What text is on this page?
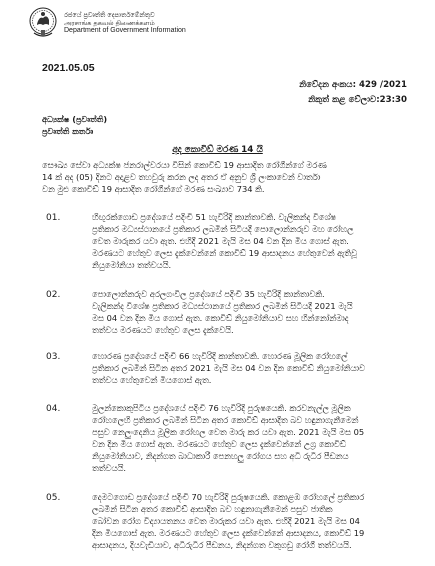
රජයේ ප්‍රවෘත්ති දෙපාර්තමේන්තුව
அரசாங்க தகவல் திணைக்களம்
Department of Government Information
2021.05.05
නිවේදන අංකය: 429 /2021
නිකුත් කළ වේලාව:23:30
අධ්‍යක්ෂ (ප්‍රවෘත්ති)
ප්‍රවෘත්ති කර්තෘ
අද කොවිඩ් මරණ 14 යි
සෞඛ්‍ය සේවා අධ්‍යක්ෂ ජනරාල්වරයා විසින් කොවිඩ් 19 ආසාදිත රෝගීන්ගේ මරණ
14 ක් අද (05) දිනට අදාළව තහවුරු කරන ලද අතර ඒ අනුව ශ්‍රී ලංකාවෙන් වාර්තා
වන මුළු කොවිඩ් 19 ආසාදිත රෝගීන්ගේ මරණ සංඛ්‍යාව 734 කි.
01.	හිඟුරක්ගොඩ ප්‍රදේශයේ පදිංචි 51 හැවිරිදි කාන්තාවකි. වැලිකන්ද විශේෂ
ප්‍රතිකාර මධ්‍යස්ථානයේ ප්‍රතිකාර ලබමින් සිටියදී පොලොන්නරුව මහ රෝහල
වෙත මාරුකර යවා ඇත. එහිදී 2021 මැයි මස 04 වන දින මිය ගොස් ඇත.
මරණයට හේතුව ලෙස දැක්වෙන්නේ කොවිඩ් 19 ආසාදනය හේතුවෙන් ඇතිවූ
නියුමෝනියා තත්වයයි.
02.	පොලොන්නරුව අරලගංවිල ප්‍රදේශයේ පදිංචි 35 හැවිරිදි කාන්තාවකි.
වැලිකන්ද විශේෂ ප්‍රතිකාර මධ්‍යස්ථානයේ ප්‍රතිකාර ලබමින් සිටියදී 2021 මැයි
මස 04 වන දින මිය ගොස් ඇත. කොවිඩ් නියුමෝනියාව සහ හින්නෝන්මාද
තත්වය මරණයට හේතුව ලෙස දැක්වෙයි.
03.	හොරණ ප්‍රදේශයේ පදිංචි 66 හැවිරිදි කාන්තාවකි. හොරණ මූලික රෝහලේ
ප්‍රතිකාර ලබමින් සිටින අතර 2021 මැයි මස 04 වන දින කොවිඩ් නියුමෝනියාව
තත්වය හේතුවෙන් මියගොස් ඇත.
04.	මුලන්කොකුපිටිය ප්‍රදේශයේ පදිංචි 76 හැවිරිදි පුරුෂයෙකි. කරවනැල්ල මූලික
රෝහලෙහි ප්‍රතිකාර ලබමින් සිටින අතර කොවිඩ් ආසාදිත බව හඳුනාගැනීමෙන්
පසුව නෙලුංදෙනිය මූලික රෝහල වෙත මාරු කර යවා ඇත. 2021 මැයි මස 05
වන දින මිය ගොස් ඇත. මරණයට හේතුව ලෙස දැක්වෙන්නේ උග්‍ර කොවිඩ්
නියුමෝනියාව, නිදන්ගත බාධාකාරී පෙනහලු රෝගය සහ අධි රුධිර පීඩනය
තත්වයයි.
05.	දෙමටගොඩ ප්‍රදේශයේ පදිංචි 70 හැවිරිදි පුරුෂයෙකි. කොළඹ රෝහලේ ප්‍රතිකාර
ලබමින් සිටින අතර කොවිඩ් ආසාදිත බව හඳුනාගැනීමෙන් පසුව ජාතික
බෝවන රෝග විද්‍යායතනය වෙත මාරුකර යවා ඇත. එහිදී 2021 මැයි මස 04
දින මියගොස් ඇත. මරණයට හේතුව ලෙස දැක්වෙන්නේ ආසාදනය, කොවිඩ් 19
ආසාදනය, දියවැඩියාව, අධිරුධිර පීඩනය, නිදන්ගත වකුගඩු රෝගී තත්වයයි.
